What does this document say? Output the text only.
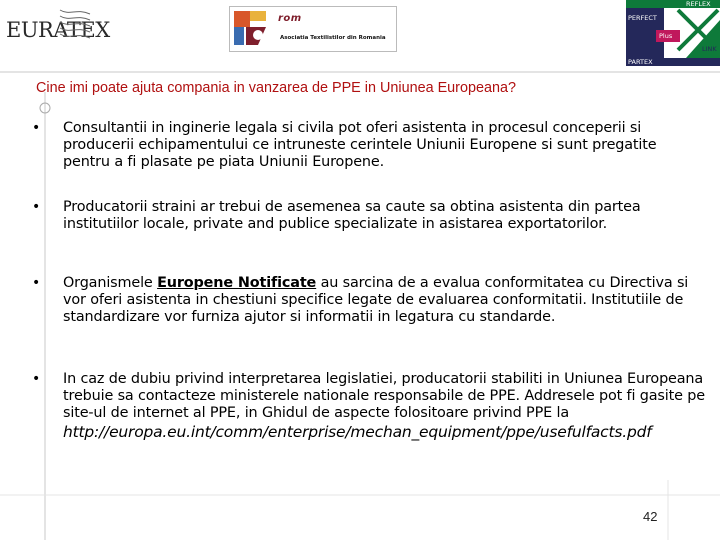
EURATEX	rom
Asociatia Textilistilor din Romania
REFLEX
PERFECT
Plus
LINK
PARTEX
Cine imi poate ajuta compania in vanzarea de PPE in Uniunea Europeana?
• Consultantii in inginerie legala si civila pot oferi asistenta in procesul conceperii si producerii echipamentului ce intruneste cerintele Uniunii Europene si sunt pregatite pentru a fi plasate pe piata Uniunii Europene.
• Producatorii straini ar trebui de asemenea sa caute sa obtina asistenta din partea institutiilor locale, private and publice specializate in asistarea exportatorilor.
• Organismele Europene Notificate au sarcina de a evalua conformitatea cu Directiva si vor oferi asistenta in chestiuni specifice legate de evaluarea conformitatii. Institutiile de standardizare vor furniza ajutor si informatii in legatura cu standarde.
• In caz de dubiu privind interpretarea legislatiei, producatorii stabiliti in Uniunea Europeana trebuie sa contacteze ministerele nationale responsabile de PPE. Addresele pot fi gasite pe site-ul de internet al PPE, in Ghidul de aspecte folositoare privind PPE la
http://europa.eu.int/comm/enterprise/mechan_equipment/ppe/usefulfacts.pdf
42
